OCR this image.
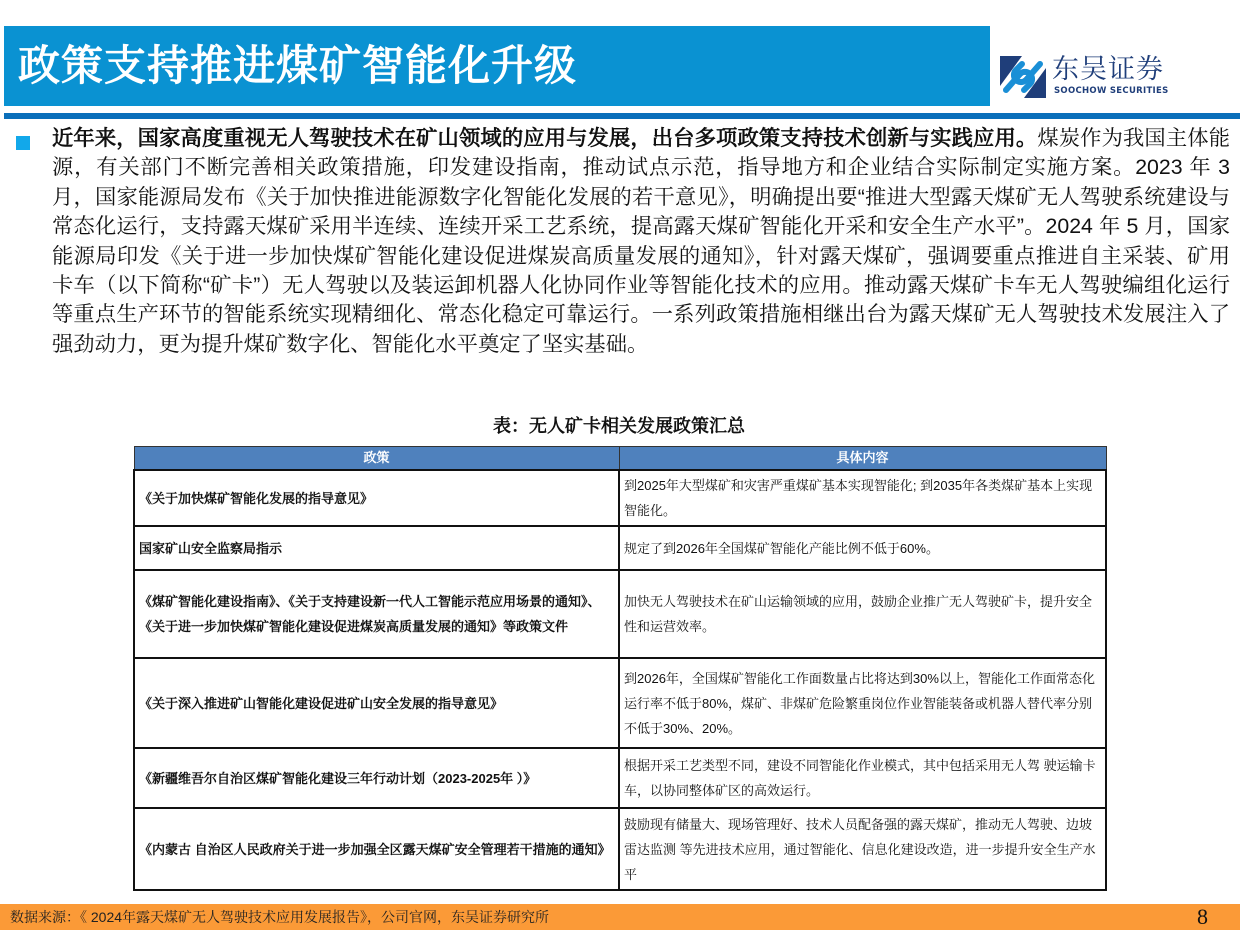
政策支持推进煤矿智能化升级	东吴证券
SOOCHOW SECURITIES
近年来，国家高度重视无人驾驶技术在矿山领域的应用与发展，出台多项政策支持技术创新与实践应用。煤炭作为我国主体能源，有关部门不断完善相关政策措施，印发建设指南，推动试点示范，指导地方和企业结合实际制定实施方案。2023 年 3 月，国家能源局发布《关于加快推进能源数字化智能化发展的若干意见》，明确提出要“推进大型露天煤矿无人驾驶系统建设与常态化运行，支持露天煤矿采用半连续、连续开采工艺系统，提高露天煤矿智能化开采和安全生产水平”。2024 年 5 月，国家能源局印发《关于进一步加快煤矿智能化建设促进煤炭高质量发展的通知》，针对露天煤矿，强调要重点推进自主采装、矿用卡车（以下简称“矿卡”）无人驾驶以及装运卸机器人化协同作业等智能化技术的应用。推动露天煤矿卡车无人驾驶编组化运行等重点生产环节的智能系统实现精细化、常态化稳定可靠运行。一系列政策措施相继出台为露天煤矿无人驾驶技术发展注入了强劲动力，更为提升煤矿数字化、智能化水平奠定了坚实基础。
表：无人矿卡相关发展政策汇总
政策	具体内容
《关于加快煤矿智能化发展的指导意见》	到2025年大型煤矿和灾害严重煤矿基本实现智能化; 到2035年各类煤矿基本上实现智能化。
国家矿山安全监察局指示	规定了到2026年全国煤矿智能化产能比例不低于60%。
《煤矿智能化建设指南》、《关于支持建设新一代人工智能示范应用场景的通知》、《关于进一步加快煤矿智能化建设促进煤炭高质量发展的通知》等政策文件	加快无人驾驶技术在矿山运输领域的应用，鼓励企业推广无人驾驶矿卡，提升安全性和运营效率。
《关于深入推进矿山智能化建设促进矿山安全发展的指导意见》	到2026年，全国煤矿智能化工作面数量占比将达到30%以上，智能化工作面常态化运行率不低于80%，煤矿、非煤矿危险繁重岗位作业智能装备或机器人替代率分别不低于30%、20%。
《新疆维吾尔自治区煤矿智能化建设三年行动计划（2023-2025年 ）》	根据开采工艺类型不同，建设不同智能化作业模式，其中包括采用无人驾 驶运输卡车，以协同整体矿区的高效运行。
《内蒙古 自治区人民政府关于进一步加强全区露天煤矿安全管理若干措施的通知》	鼓励现有储量大、现场管理好、技术人员配备强的露天煤矿，推动无人驾驶、边坡雷达监测 等先进技术应用，通过智能化、信息化建设改造，进一步提升安全生产水平
数据来源：《 2024年露天煤矿无人驾驶技术应用发展报告》，公司官网，东吴证券研究所	8
